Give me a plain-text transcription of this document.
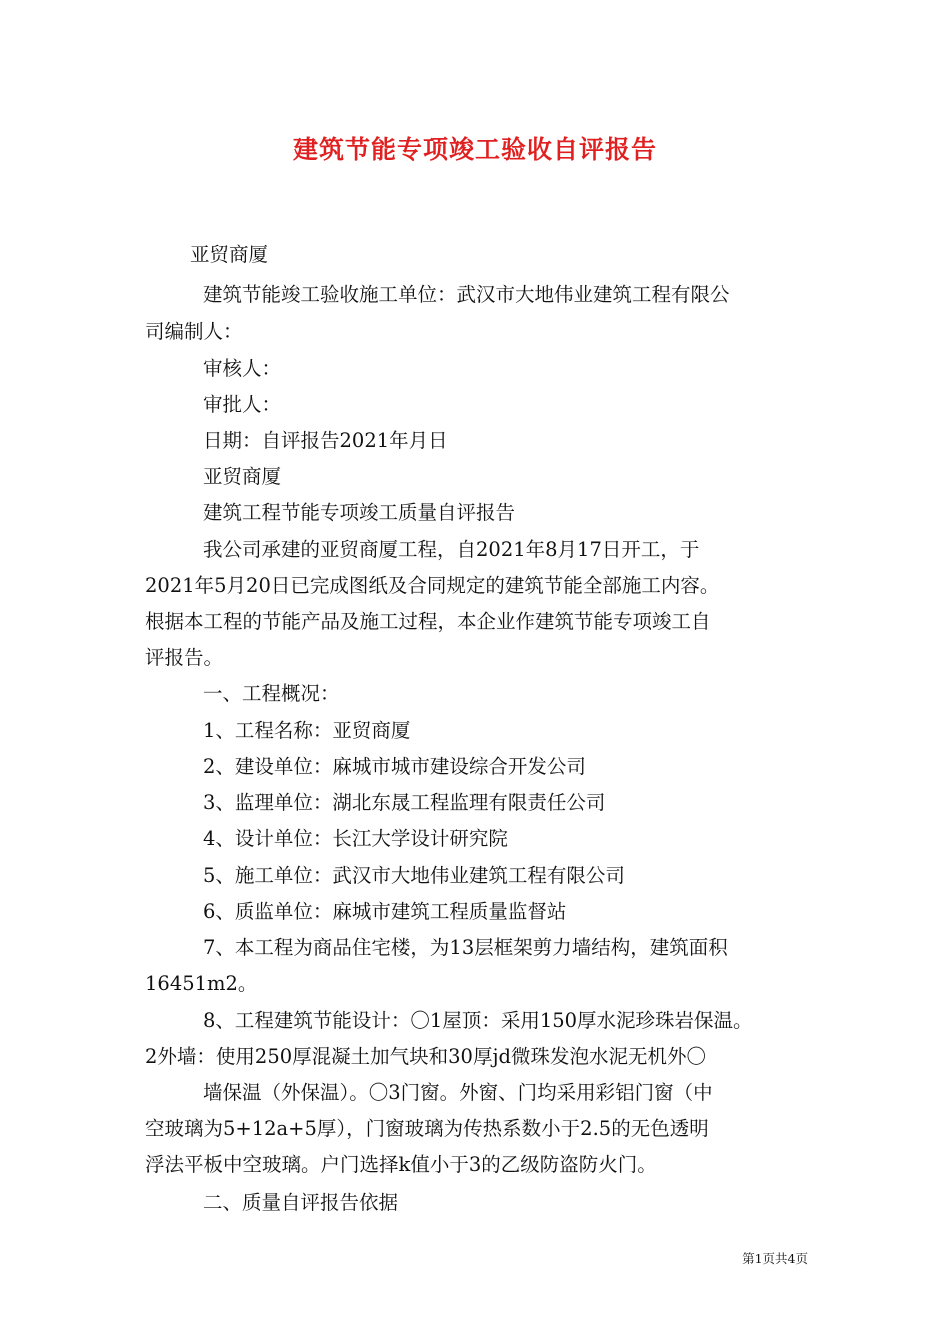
建筑节能专项竣工验收自评报告
亚贸商厦
建筑节能竣工验收施工单位：武汉市大地伟业建筑工程有限公
司编制人：
审核人：
审批人：
日期：自评报告2021年月日
亚贸商厦
建筑工程节能专项竣工质量自评报告
我公司承建的亚贸商厦工程，自2021年8月17日开工，于
2021年5月20日已完成图纸及合同规定的建筑节能全部施工内容。
根据本工程的节能产品及施工过程，本企业作建筑节能专项竣工自
评报告。
一、工程概况：
1、工程名称：亚贸商厦
2、建设单位：麻城市城市建设综合开发公司
3、监理单位：湖北东晟工程监理有限责任公司
4、设计单位：长江大学设计研究院
5、施工单位：武汉市大地伟业建筑工程有限公司
6、质监单位：麻城市建筑工程质量监督站
7、本工程为商品住宅楼，为13层框架剪力墙结构，建筑面积
16451m2。
8、工程建筑节能设计：〇1屋顶：采用150厚水泥珍珠岩保温。
2外墙：使用250厚混凝土加气块和30厚jd微珠发泡水泥无机外〇
墙保温（外保温）。〇3门窗。外窗、门均采用彩铝门窗（中
空玻璃为5+12a+5厚），门窗玻璃为传热系数小于2.5的无色透明
浮法平板中空玻璃。户门选择k值小于3的乙级防盗防火门。
二、质量自评报告依据
第1页共4页
